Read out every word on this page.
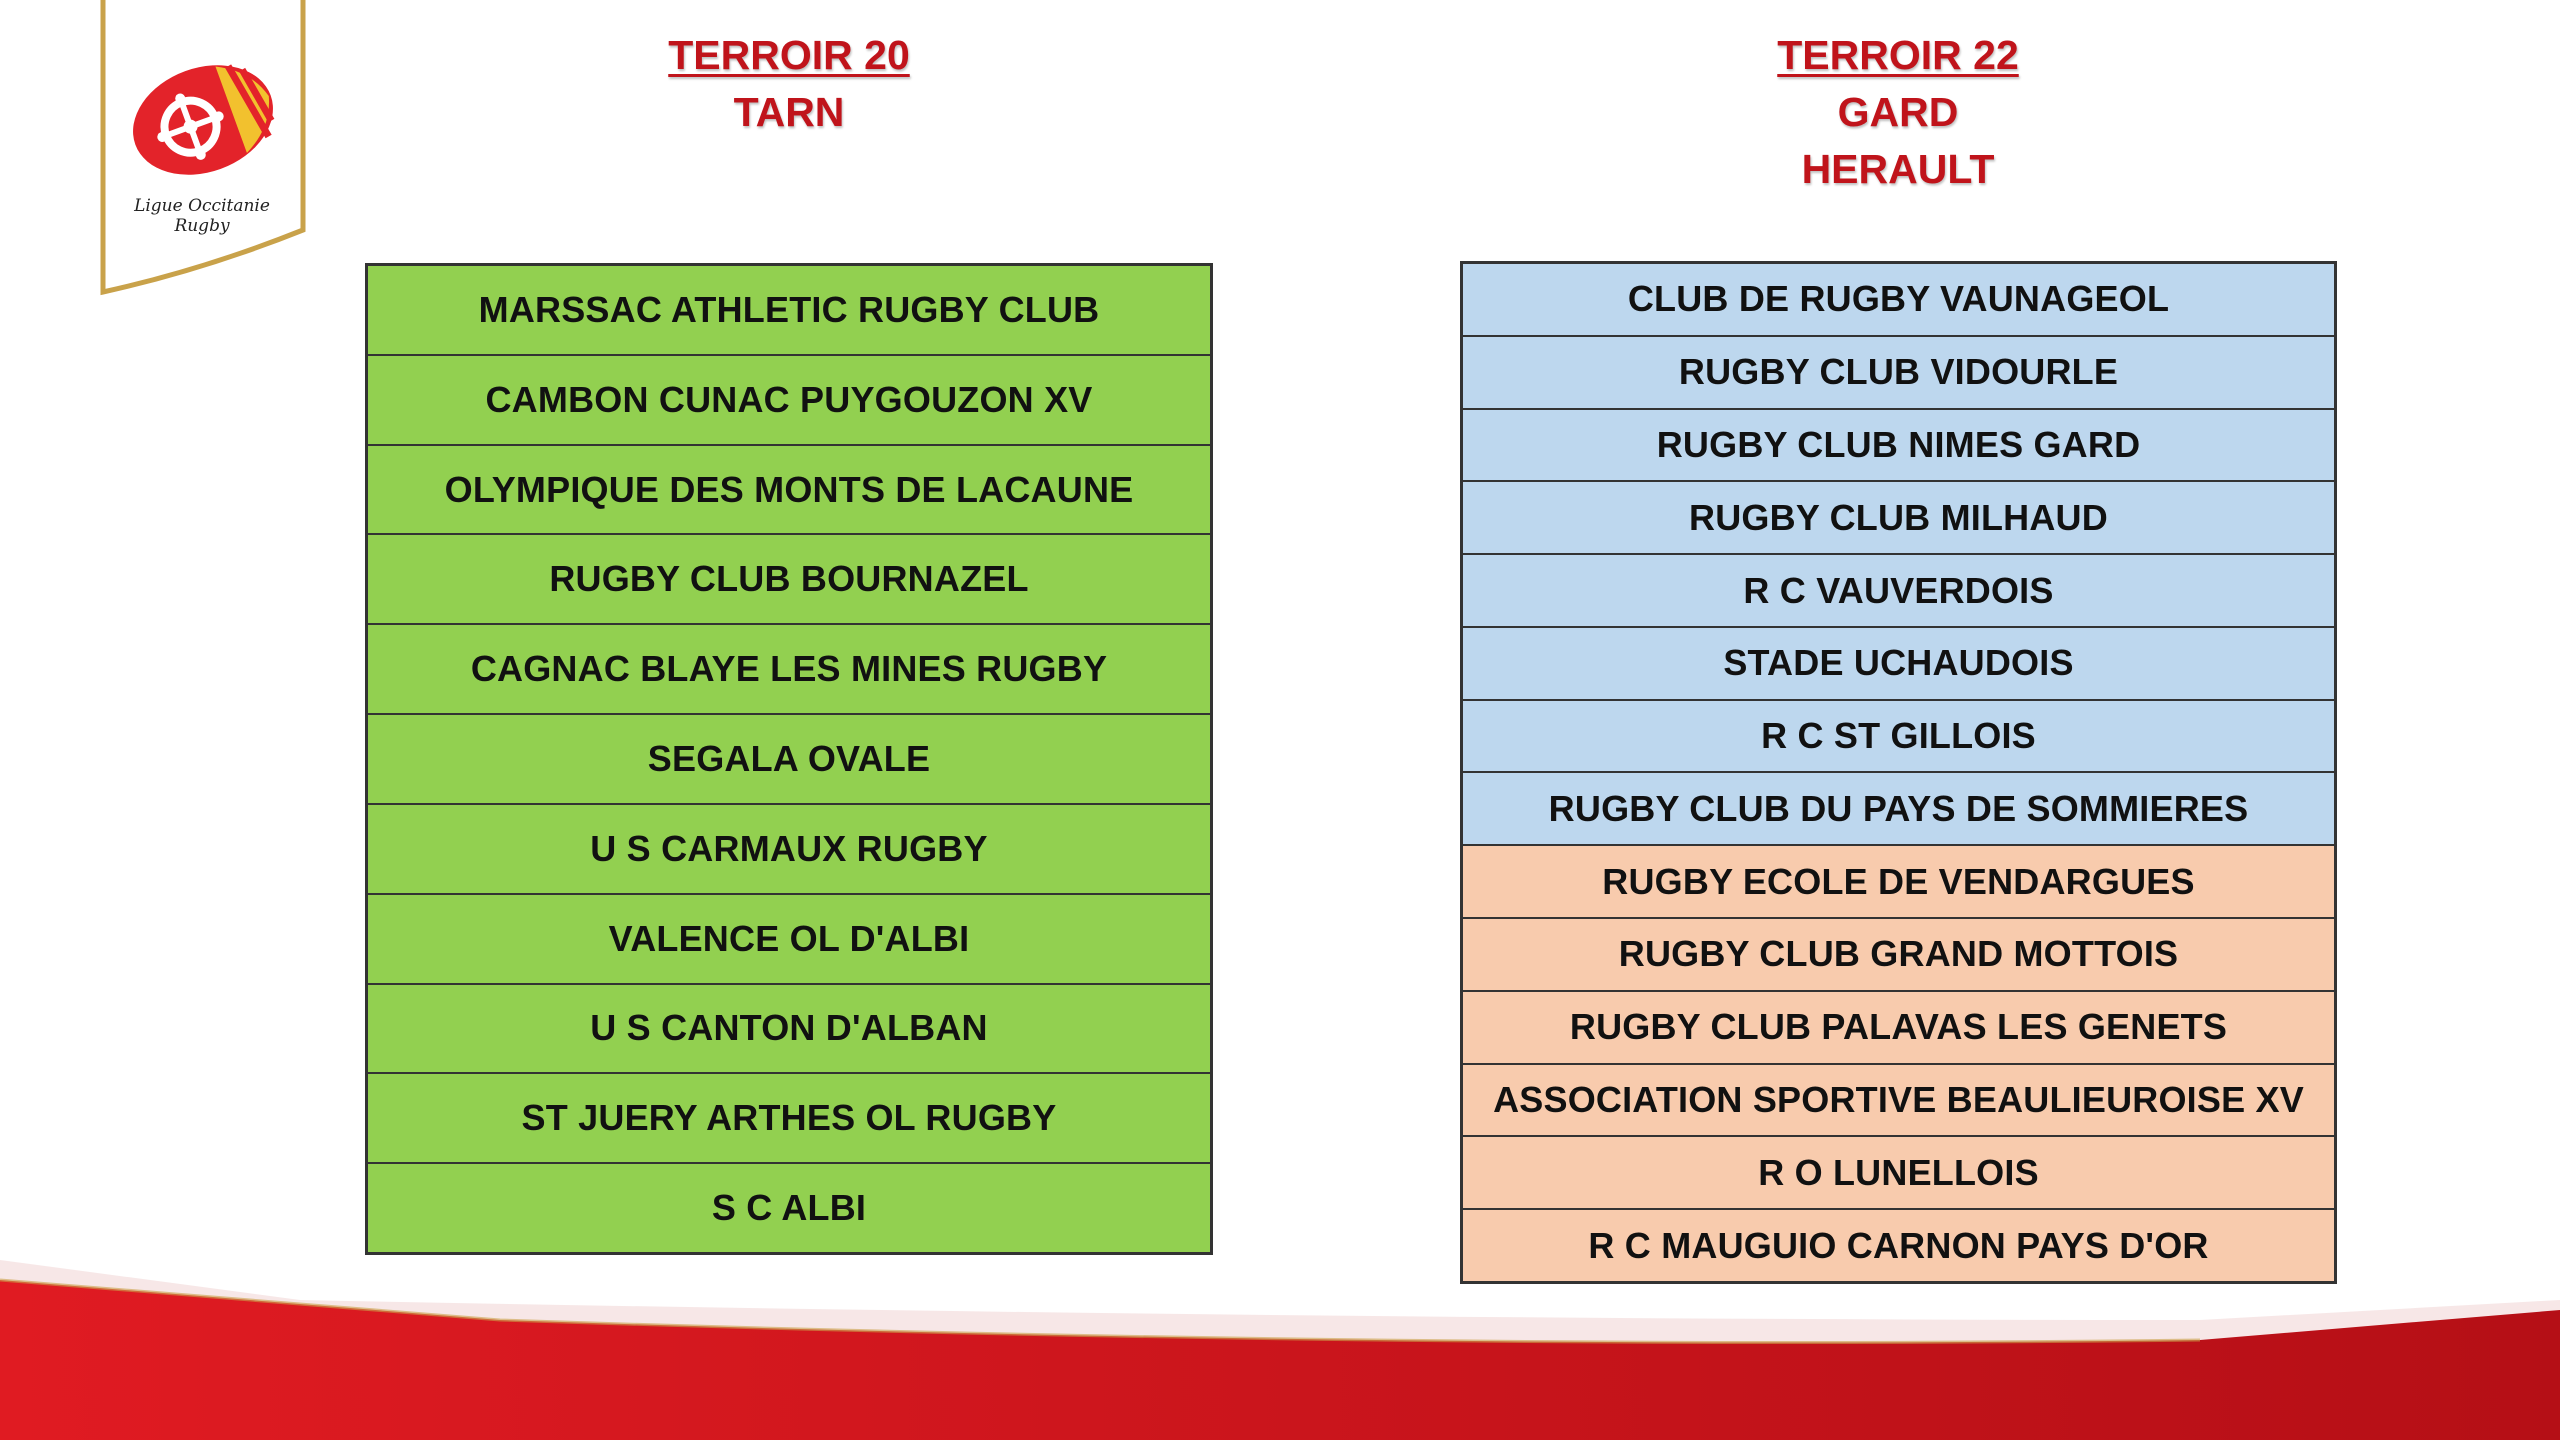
Ligue Occitanie Rugby
TERROIR 20
TARN
TERROIR 22
GARD
HERAULT
MARSSAC ATHLETIC RUGBY CLUB
CAMBON CUNAC PUYGOUZON XV
OLYMPIQUE DES MONTS DE LACAUNE
RUGBY CLUB BOURNAZEL
CAGNAC BLAYE LES MINES RUGBY
SEGALA OVALE
U S CARMAUX RUGBY
VALENCE OL D'ALBI
U S CANTON D'ALBAN
ST JUERY ARTHES OL RUGBY
S C ALBI
CLUB DE RUGBY VAUNAGEOL
RUGBY CLUB VIDOURLE
RUGBY CLUB NIMES GARD
RUGBY CLUB MILHAUD
R C VAUVERDOIS
STADE UCHAUDOIS
R C ST GILLOIS
RUGBY CLUB DU PAYS DE SOMMIERES
RUGBY ECOLE DE VENDARGUES
RUGBY CLUB GRAND MOTTOIS
RUGBY CLUB PALAVAS LES GENETS
ASSOCIATION SPORTIVE BEAULIEUROISE XV
R O LUNELLOIS
R C MAUGUIO CARNON PAYS D'OR
